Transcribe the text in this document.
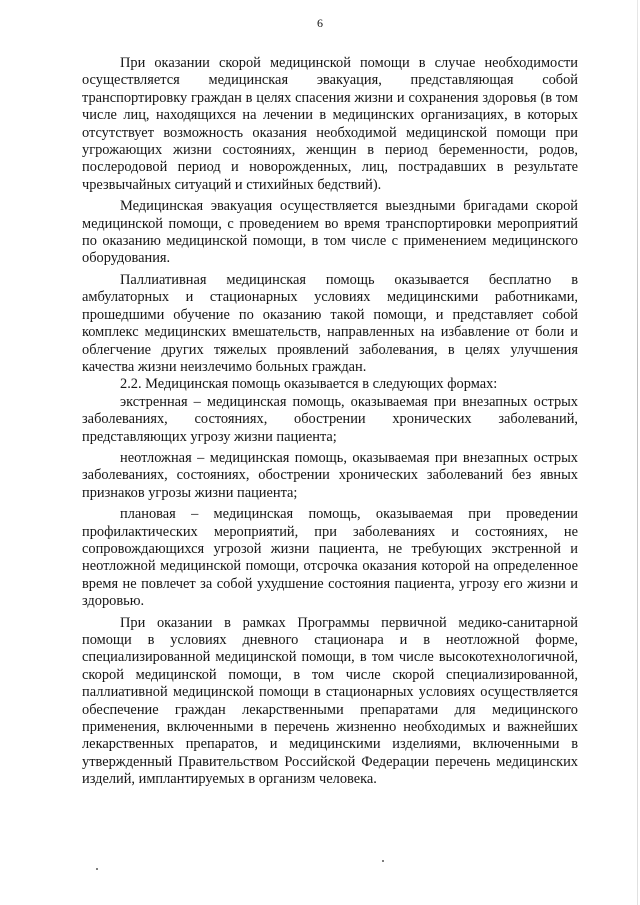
6

При оказании скорой медицинской помощи в случае необходимости осуществляется медицинская эвакуация, представляющая собой транспортировку граждан в целях спасения жизни и сохранения здоровья (в том числе лиц, находящихся на лечении в медицинских организациях, в которых отсутствует возможность оказания необходимой медицинской помощи при угрожающих жизни состояниях, женщин в период беременности, родов, послеродовой период и новорожденных, лиц, пострадавших в результате чрезвычайных ситуаций и стихийных бедствий).

Медицинская эвакуация осуществляется выездными бригадами скорой медицинской помощи, с проведением во время транспортировки мероприятий по оказанию медицинской помощи, в том числе с применением медицинского оборудования.

Паллиативная медицинская помощь оказывается бесплатно в амбулаторных и стационарных условиях медицинскими работниками, прошедшими обучение по оказанию такой помощи, и представляет собой комплекс медицинских вмешательств, направленных на избавление от боли и облегчение других тяжелых проявлений заболевания, в целях улучшения качества жизни неизлечимо больных граждан.

2.2. Медицинская помощь оказывается в следующих формах:

экстренная – медицинская помощь, оказываемая при внезапных острых заболеваниях, состояниях, обострении хронических заболеваний, представляющих угрозу жизни пациента;

неотложная – медицинская помощь, оказываемая при внезапных острых заболеваниях, состояниях, обострении хронических заболеваний без явных признаков угрозы жизни пациента;

плановая – медицинская помощь, оказываемая при проведении профилактических мероприятий, при заболеваниях и состояниях, не сопровождающихся угрозой жизни пациента, не требующих экстренной и неотложной медицинской помощи, отсрочка оказания которой на определенное время не повлечет за собой ухудшение состояния пациента, угрозу его жизни и здоровью.

При оказании в рамках Программы первичной медико-санитарной помощи в условиях дневного стационара и в неотложной форме, специализированной медицинской помощи, в том числе высокотехнологичной, скорой медицинской помощи, в том числе скорой специализированной, паллиативной медицинской помощи в стационарных условиях осуществляется обеспечение граждан лекарственными препаратами для медицинского применения, включенными в перечень жизненно необходимых и важнейших лекарственных препаратов, и медицинскими изделиями, включенными в утвержденный Правительством Российской Федерации перечень медицинских изделий, имплантируемых в организм человека.
